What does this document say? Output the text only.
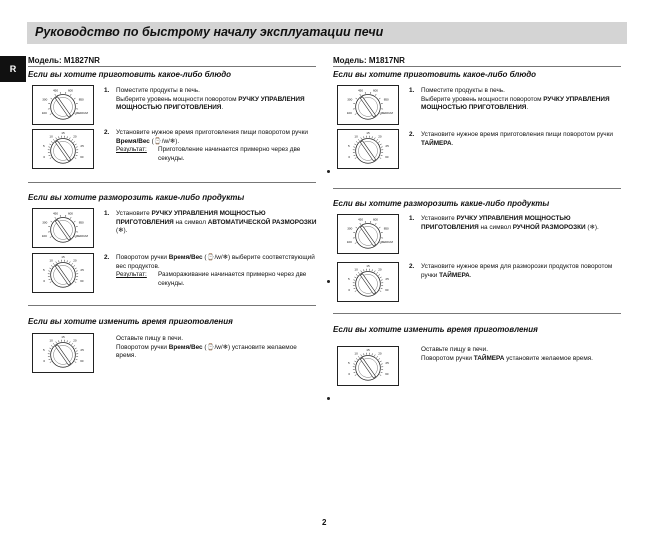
Руководство по быстрому началу эксплуатации печи
R
Модель: M1827NR
Если вы хотите приготовить какое-либо блюдо
100
300
450	600
850
MEDIUM
1. Поместите продукты в печь.
Выберите уровень мощности поворотом РУЧКУ УПРАВЛЕНИЯ МОЩНОСТЬЮ ПРИГОТОВЛЕНИЯ.
0
5
10
15
20
25
30
2. Установите нужное время приготовления пищи поворотом ручки Время/Вес (⌚/w/❄).
Результат:	Приготовление начинается примерно через две секунды.
Если вы хотите разморозить какие-либо продукты
100
300
450	600
850
MEDIUM
1. Установите РУЧКУ УПРАВЛЕНИЯ МОЩНОСТЬЮ ПРИГОТОВЛЕНИЯ на символ АВТОМАТИЧЕСКОЙ РАЗМОРОЗКИ (❄).
0
5
10
15
20
25
30
2. Поворотом ручки Время/Вес (⌚/w/❄) выберите соответствующий вес продуктов.
Результат:	Размораживание начинается примерно через две секунды.
Если вы хотите изменить время приготовления
0
5
10
15
20
25
30
Оставьте пищу в печи.
Поворотом ручки Время/Вес (⌚/w/❄) установите желаемое время.
Модель: M1817NR
Если вы хотите приготовить какое-либо блюдо
100
300
450	600
850
MEDIUM
1. Поместите продукты в печь.
Выберите уровень мощности поворотом РУЧКУ УПРАВЛЕНИЯ МОЩНОСТЬЮ ПРИГОТОВЛЕНИЯ.
0
5
10
15
20
25
30
2. Установите нужное время приготовления пищи поворотом ручки ТАЙМЕРА.
Если вы хотите разморозить какие-либо продукты
100
300
450	600
850
MEDIUM
1. Установите РУЧКУ УПРАВЛЕНИЯ МОЩНОСТЬЮ ПРИГОТОВЛЕНИЯ на символ РУЧНОЙ РАЗМОРОЗКИ (❄).
0
5
10
15
20
25
30
2. Установите нужное время для разморозки продуктов поворотом ручки ТАЙМЕРА.
Если вы хотите изменить время приготовления
0
5
10
15
20
25
30
Оставьте пищу в печи.
Поворотом ручки ТАЙМЕРА установите желаемое время.
2
